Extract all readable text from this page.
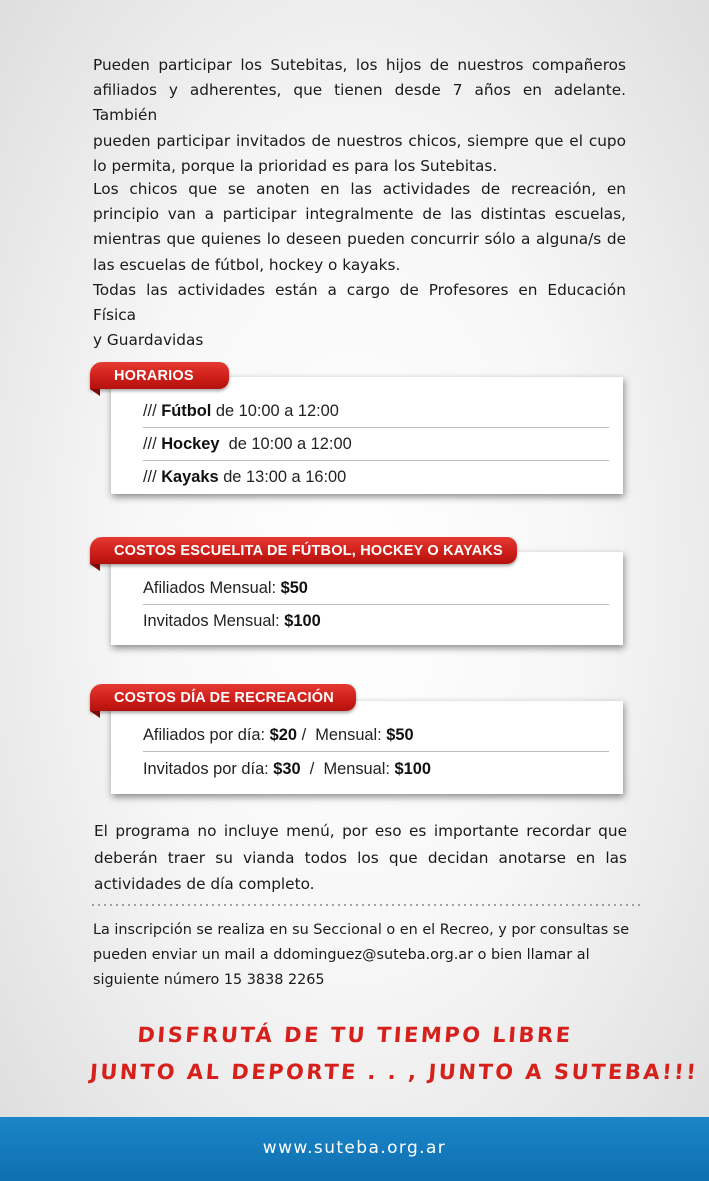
Pueden participar los Sutebitas, los hijos de nuestros compañeros
afiliados y adherentes, que tienen desde 7 años en adelante. También
pueden participar invitados de nuestros chicos, siempre que el cupo
lo permita, porque la prioridad es para los Sutebitas.
Los chicos que se anoten en las actividades de recreación, en
principio van a participar integralmente de las distintas escuelas,
mientras que quienes lo deseen pueden concurrir sólo a alguna/s de
las escuelas de fútbol, hockey o kayaks.
Todas las actividades están a cargo de Profesores en Educación Física
y Guardavidas
/// Fútbol de 10:00 a 12:00
/// Hockey  de 10:00 a 12:00
/// Kayaks de 13:00 a 16:00
HORARIOS
Afiliados Mensual: $50
Invitados Mensual: $100
COSTOS ESCUELITA DE FÚTBOL, HOCKEY O KAYAKS
Afiliados por día: $20 /  Mensual: $50
Invitados por día: $30  /  Mensual: $100
COSTOS DÍA DE RECREACIÓN
El programa no incluye menú, por eso es importante recordar que
deberán traer su vianda todos los que decidan anotarse en las
actividades de día completo.
La inscripción se realiza en su Seccional o en el Recreo, y por consultas se
pueden enviar un mail a ddominguez@suteba.org.ar o bien llamar al
siguiente número 15 3838 2265
DISFRUTÁ DE TU TIEMPO LIBRE
JUNTO AL DEPORTE . . , JUNTO A SUTEBA!!!
www.suteba.org.ar
